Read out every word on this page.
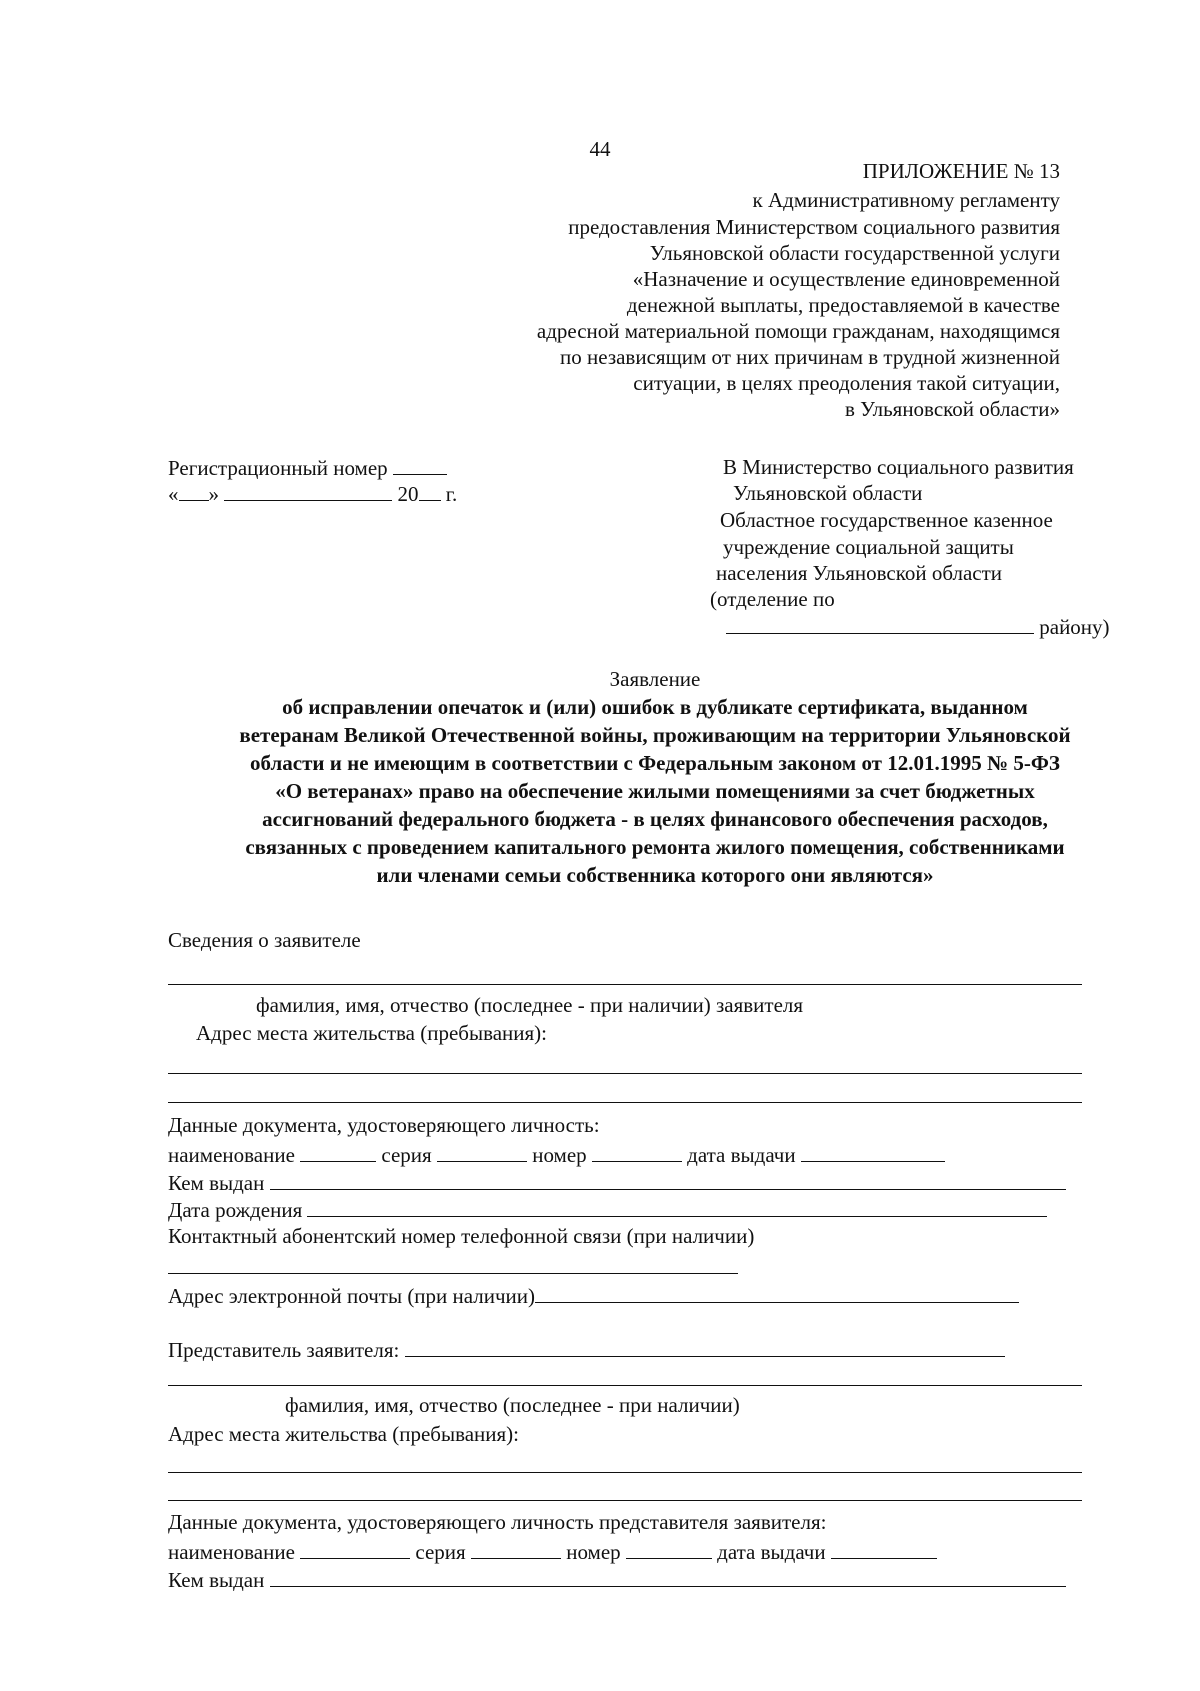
44

ПРИЛОЖЕНИЕ № 13
к Административному регламенту
предоставления Министерством социального развития
Ульяновской области государственной услуги
«Назначение и осуществление единовременной
денежной выплаты, предоставляемой в качестве
адресной материальной помощи гражданам, находящимся
по независящим от них причинам в трудной жизненной
ситуации, в целях преодоления такой ситуации,
в Ульяновской области»
Регистрационный номер
« »	20 г.
В Министерство социального развития
Ульяновской области
Областное государственное казенное
учреждение социальной защиты
населения Ульяновской области
(отделение по
району)
Заявление
об исправлении опечаток и (или) ошибок в дубликате сертификата, выданном
ветеранам Великой Отечественной войны, проживающим на территории Ульяновской
области и не имеющим в соответствии с Федеральным законом от 12.01.1995 № 5-ФЗ
«О ветеранах» право на обеспечение жилыми помещениями за счет бюджетных
ассигнований федерального бюджета - в целях финансового обеспечения расходов,
связанных с проведением капитального ремонта жилого помещения, собственниками
или членами семьи собственника которого они являются»
Сведения о заявителе
фамилия, имя, отчество (последнее - при наличии) заявителя
Адрес места жительства (пребывания):
Данные документа, удостоверяющего личность:
наименование	серия	номер	дата выдачи
Кем выдан
Дата рождения
Контактный абонентский номер телефонной связи (при наличии)
Адрес электронной почты (при наличии)
Представитель заявителя:
фамилия, имя, отчество (последнее - при наличии)
Адрес места жительства (пребывания):
Данные документа, удостоверяющего личность представителя заявителя:
наименование	серия	номер	дата выдачи
Кем выдан
